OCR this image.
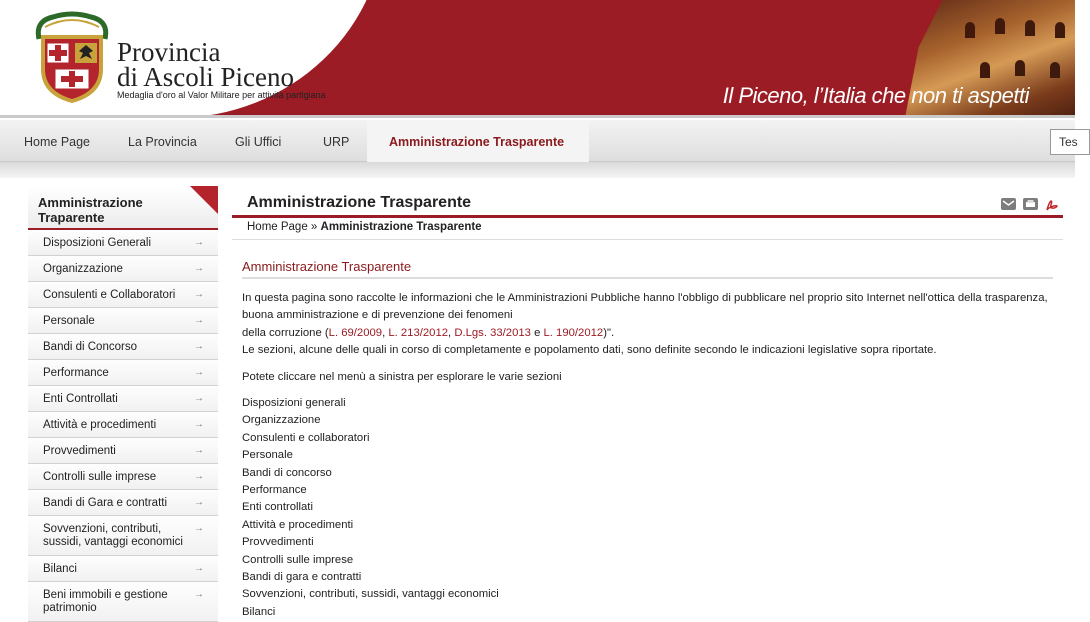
Provincia
di Ascoli Piceno
Medaglia d'oro al Valor Militare per attività partigiana	Il Piceno, l’Italia che non ti aspetti
Home Page	La Provincia	Gli Uffici	URP	Amministrazione Trasparente
Tes
Amministrazione
Traparente
Disposizioni Generali	→
Organizzazione	→
Consulenti e Collaboratori →
Personale	→
Bandi di Concorso	→
Performance	→
Enti Controllati	→
Attività e procedimenti	→
Provvedimenti	→
Controlli sulle imprese	→
Bandi di Gara e contratti	→
Sovvenzioni, contributi, sussidi, vantaggi economici
→
Bilanci	→
Beni immobili e gestione patrimonio
→
Amministrazione Trasparente

Home Page » Amministrazione Trasparente
Amministrazione Trasparente

In questa pagina sono raccolte le informazioni che le Amministrazioni Pubbliche hanno l'obbligo di pubblicare nel proprio sito Internet nell'ottica della trasparenza, buona amministrazione e di prevenzione dei fenomeni

della corruzione (L. 69/2009, L. 213/2012, D.Lgs. 33/2013 e L. 190/2012)".

Le sezioni, alcune delle quali in corso di completamente e popolamento dati, sono definite secondo le indicazioni legislative sopra riportate.

Potete cliccare nel menù a sinistra per esplorare le varie sezioni

Disposizioni generali
Organizzazione
Consulenti e collaboratori
Personale
Bandi di concorso
Performance
Enti controllati
Attività e procedimenti
Provvedimenti
Controlli sulle imprese
Bandi di gara e contratti
Sovvenzioni, contributi, sussidi, vantaggi economici
Bilanci
